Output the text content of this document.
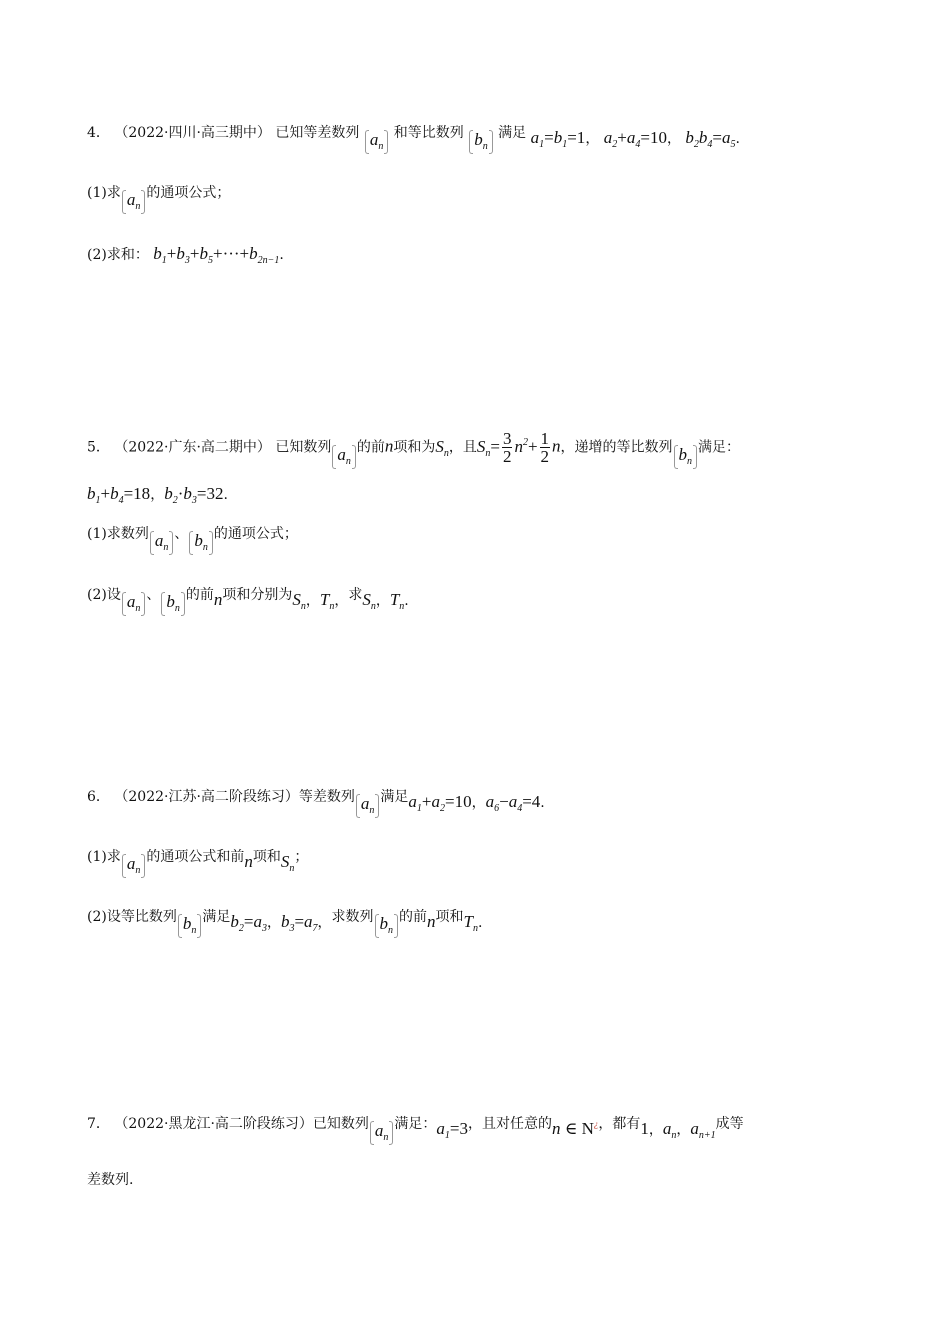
4． （2022·四川·高三期中） 已知等差数列 $a_n$ 和等比数列 $b_n$ 满足 $a_1=b_1=1$， $a_2+a_4=10$， $b_2b_4=a_5$.
(1)求 $a_n$的通项公式；
(2)求和： $b_1+b_3+b_5+\cdot\cdot\cdot+b_{2n-1}$.
5． （2022·广东·高二期中） 已知数列 $a_n$的前n项和为$S_n$，且$S_n= \frac{3}{2} n^2+ \frac{1}{2}$ n，递增的等比数列 $b_n$满足：
$b_1+b_4=18$，$b_2\cdot b_3=32$.
(1)求数列 $a_n$、 $b_n$的通项公式；
(2)设 $a_n$、 $b_n$的前n项和分别为$S_n$，$T_n$，求$S_n$，$T_n$.
6． （2022·江苏·高二阶段练习）等差数列 $a_n$满足$a_1+a_2=10$，$a_6-a_4=4$.
(1)求 $a_n$的通项公式和前n项和$S_n$；
(2)设等比数列 $b_n$满足$b_2=a_3$，$b_3=a_7$，求数列 $b_n$的前n项和$T_n$.
7． （2022·黑龙江·高二阶段练习）已知数列 $a_n$满足：$a_1=3$，且对任意的n ∈ N¿，都有1，$a_n$，$a_{n+1}$成等
差数列.
